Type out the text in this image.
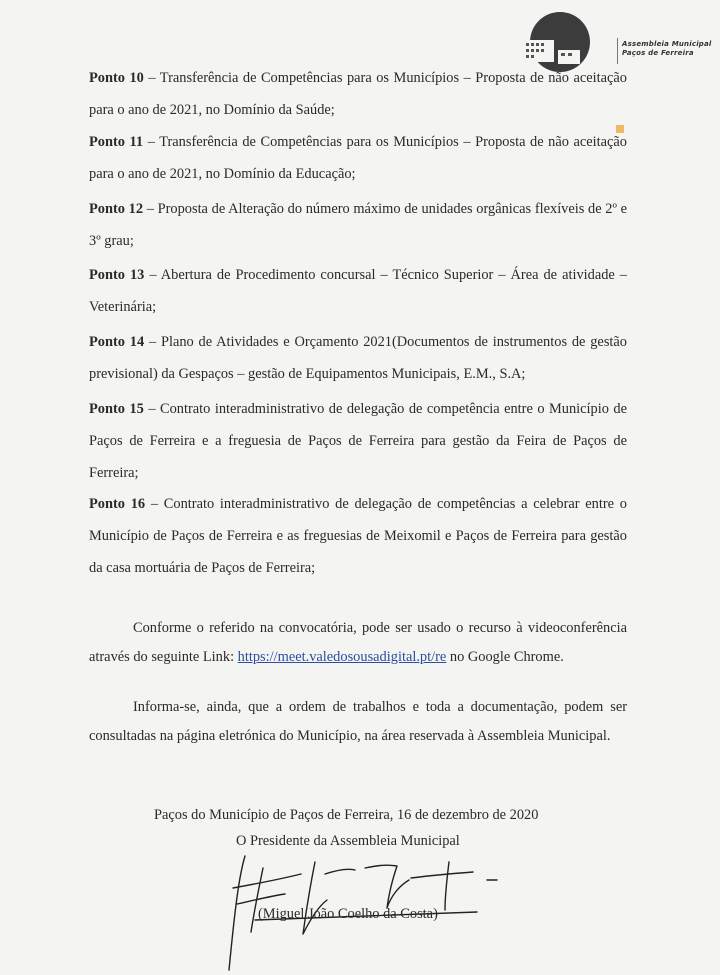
Assembleia Municipal
Paços de Ferreira

Ponto 10 – Transferência de Competências para os Municípios – Proposta de não aceitação para o ano de 2021, no Domínio da Saúde;

Ponto 11 – Transferência de Competências para os Municípios – Proposta de não aceitação para o ano de 2021, no Domínio da Educação;

Ponto 12 – Proposta de Alteração do número máximo de unidades orgânicas flexíveis de 2º e 3º grau;

Ponto 13 – Abertura de Procedimento concursal – Técnico Superior – Área de atividade – Veterinária;

Ponto 14 – Plano de Atividades e Orçamento 2021(Documentos de instrumentos de gestão previsional) da Gespaços – gestão de Equipamentos Municipais, E.M., S.A;

Ponto 15 – Contrato interadministrativo de delegação de competência entre o Município de Paços de Ferreira e a freguesia de Paços de Ferreira para gestão da Feira de Paços de Ferreira;

Ponto 16 – Contrato interadministrativo de delegação de competências a celebrar entre o Município de Paços de Ferreira e as freguesias de Meixomil e Paços de Ferreira para gestão da casa mortuária de Paços de Ferreira;

Conforme o referido na convocatória, pode ser usado o recurso à videoconferência através do seguinte Link: https://meet.valedosousadigital.pt/re no Google Chrome.

Informa-se, ainda, que a ordem de trabalhos e toda a documentação, podem ser consultadas na página eletrónica do Município, na área reservada à Assembleia Municipal.

Paços do Município de Paços de Ferreira, 16 de dezembro de 2020
O Presidente da Assembleia Municipal
(Miguel João Coelho da Costa)
